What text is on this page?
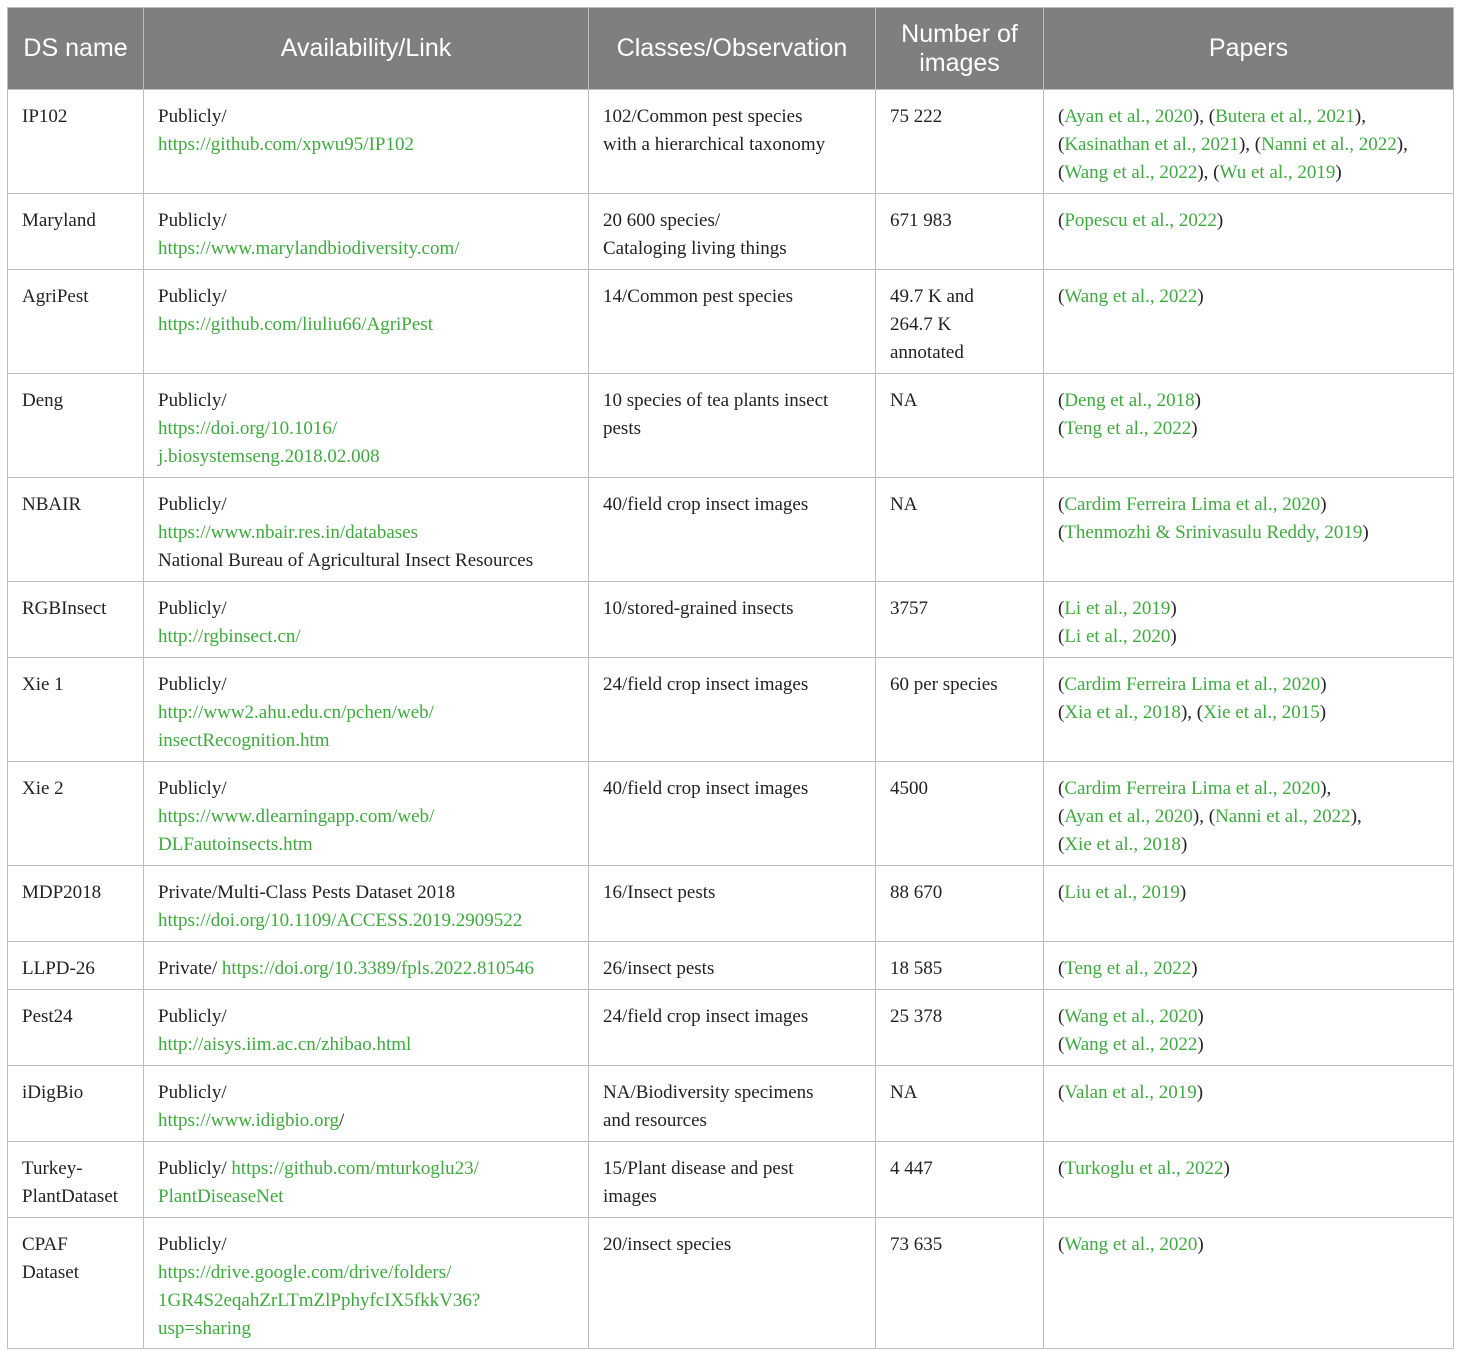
DS name	Availability/Link	Classes/Observation	Number of images	Papers

IP102	Publicly/
https://github.com/xpwu95/IP102	102/Common pest species
with a hierarchical taxonomy	75 222	(Ayan et al., 2020), (Butera et al., 2021),
(Kasinathan et al., 2021), (Nanni et al., 2022),
(Wang et al., 2022), (Wu et al., 2019)

Maryland	Publicly/
https://www.marylandbiodiversity.com/	20 600 species/
Cataloging living things	671 983	(Popescu et al., 2022)

AgriPest	Publicly/
https://github.com/liuliu66/AgriPest	14/Common pest species	49.7 K and
264.7 K
annotated	(Wang et al., 2022)

Deng	Publicly/
https://doi.org/10.1016/
j.biosystemseng.2018.02.008	10 species of tea plants insect
pests	NA	(Deng et al., 2018)
(Teng et al., 2022)

NBAIR	Publicly/
https://www.nbair.res.in/databases
National Bureau of Agricultural Insect Resources	40/field crop insect images	NA	(Cardim Ferreira Lima et al., 2020)
(Thenmozhi & Srinivasulu Reddy, 2019)

RGBInsect	Publicly/
http://rgbinsect.cn/	10/stored-grained insects	3757	(Li et al., 2019)
(Li et al., 2020)

Xie 1	Publicly/
http://www2.ahu.edu.cn/pchen/web/
insectRecognition.htm	24/field crop insect images	60 per species	(Cardim Ferreira Lima et al., 2020)
(Xia et al., 2018), (Xie et al., 2015)

Xie 2	Publicly/
https://www.dlearningapp.com/web/
DLFautoinsects.htm	40/field crop insect images	4500	(Cardim Ferreira Lima et al., 2020),
(Ayan et al., 2020), (Nanni et al., 2022),
(Xie et al., 2018)

MDP2018	Private/Multi-Class Pests Dataset 2018
https://doi.org/10.1109/ACCESS.2019.2909522	16/Insect pests	88 670	(Liu et al., 2019)

LLPD-26	Private/ https://doi.org/10.3389/fpls.2022.810546	26/insect pests	18 585	(Teng et al., 2022)

Pest24	Publicly/
http://aisys.iim.ac.cn/zhibao.html	24/field crop insect images	25 378	(Wang et al., 2020)
(Wang et al., 2022)

iDigBio	Publicly/
https://www.idigbio.org/	NA/Biodiversity specimens
and resources	NA	(Valan et al., 2019)

Turkey-
PlantDataset	Publicly/ https://github.com/mturkoglu23/
PlantDiseaseNet	15/Plant disease and pest
images	4 447	(Turkoglu et al., 2022)

CPAF
Dataset	Publicly/
https://drive.google.com/drive/folders/
1GR4S2eqahZrLTmZlPphyfcIX5fkkV36?
usp=sharing	20/insect species	73 635	(Wang et al., 2020)
